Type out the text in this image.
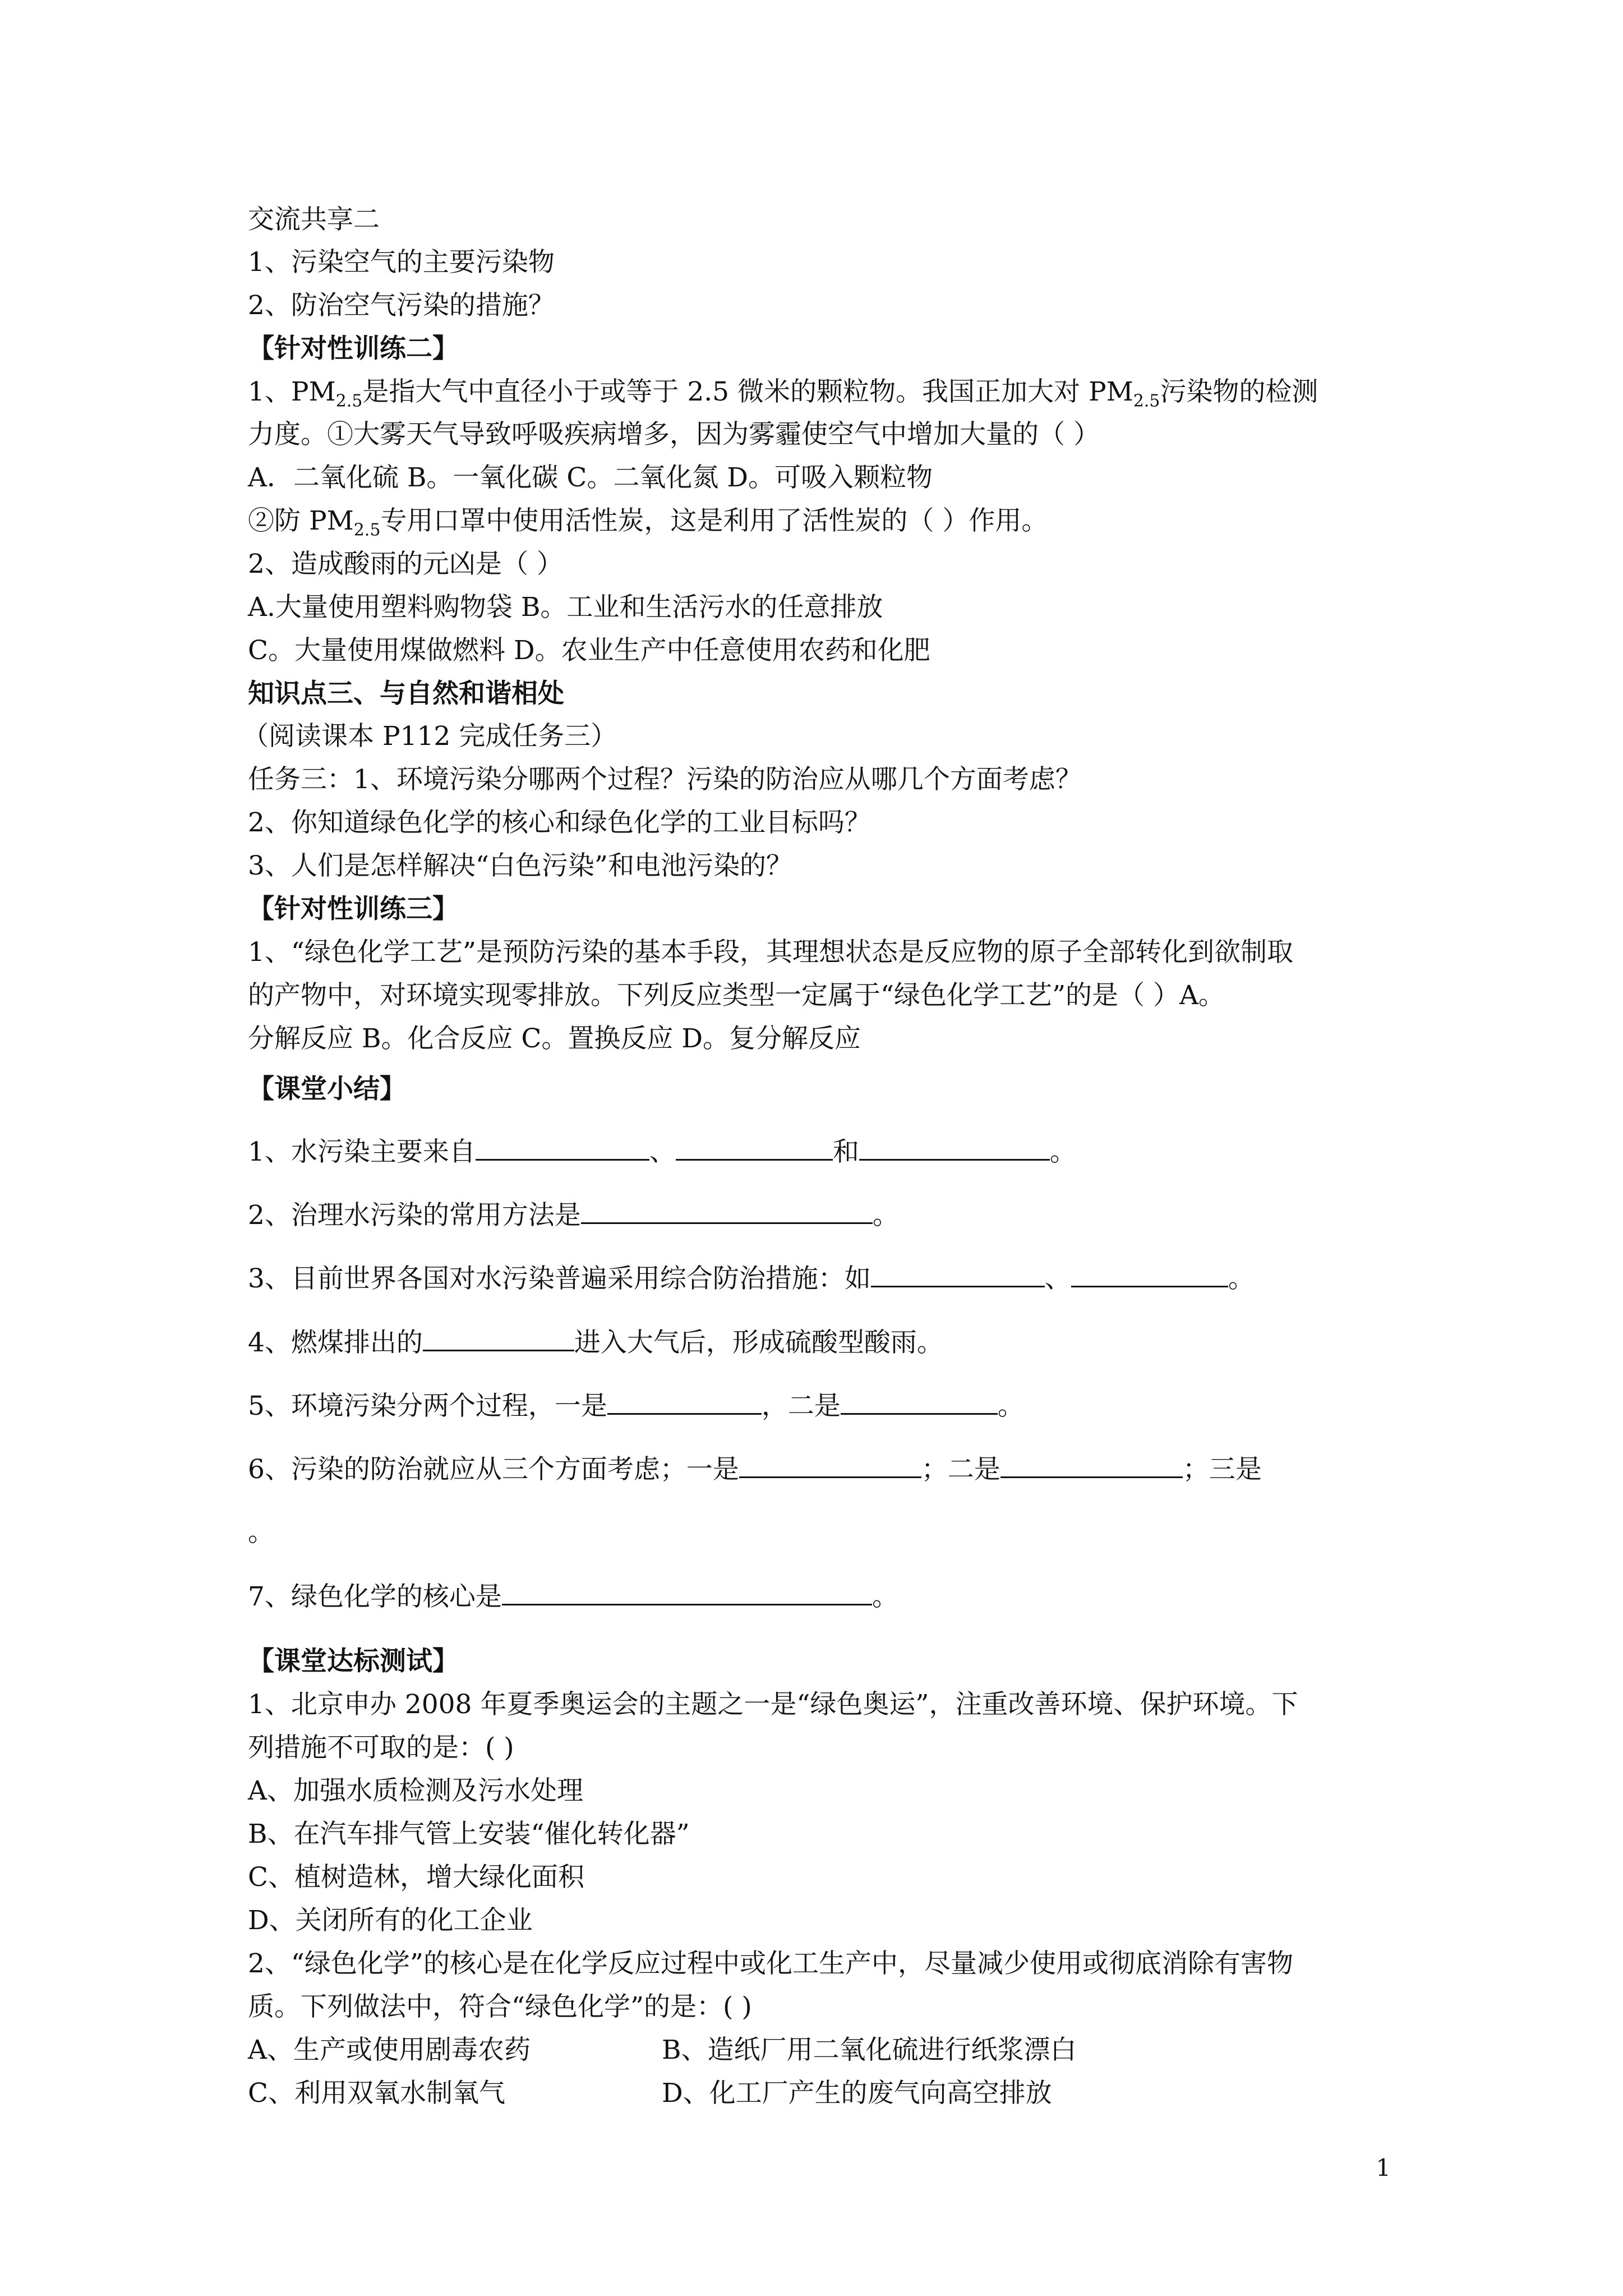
交流共享二
1、污染空气的主要污染物
2、防治空气污染的措施？
【针对性训练二】
1、$PM_{2.5}$是指大气中直径小于或等于 2.5 微米的颗粒物。我国正加大对 $PM_{2.5}$污染物的检测
力度。①大雾天气导致呼吸疾病增多，因为雾霾使空气中增加大量的（ ）
A．二氧化硫 B。一氧化碳 C。二氧化氮 D。可吸入颗粒物
②防 $PM_{2.5}$专用口罩中使用活性炭，这是利用了活性炭的（ ）作用。
2、造成酸雨的元凶是（ ）
A.大量使用塑料购物袋 B。工业和生活污水的任意排放
C。大量使用煤做燃料 D。农业生产中任意使用农药和化肥
知识点三、与自然和谐相处
（阅读课本 P112 完成任务三）
任务三：1、环境污染分哪两个过程？污染的防治应从哪几个方面考虑？
2、你知道绿色化学的核心和绿色化学的工业目标吗？
3、人们是怎样解决“白色污染”和电池污染的？
【针对性训练三】
1、“绿色化学工艺”是预防污染的基本手段，其理想状态是反应物的原子全部转化到欲制取
的产物中，对环境实现零排放。下列反应类型一定属于“绿色化学工艺”的是（ ）A。
分解反应 B。化合反应 C。置换反应 D。复分解反应
【课堂小结】
1、水污染主要来自	、	和	。
2、治理水污染的常用方法是	。
3、目前世界各国对水污染普遍采用综合防治措施：如	、	。
4、燃煤排出的	进入大气后，形成硫酸型酸雨。
5、环境污染分两个过程，一是	，二是	。
6、污染的防治就应从三个方面考虑；一是	；二是	；三是
。
7、绿色化学的核心是	。
【课堂达标测试】
1、北京申办 2008 年夏季奥运会的主题之一是“绿色奥运”，注重改善环境、保护环境。下
列措施不可取的是：( )
A、加强水质检测及污水处理
B、在汽车排气管上安装“催化转化器”
C、植树造林，增大绿化面积
D、关闭所有的化工企业
2、“绿色化学”的核心是在化学反应过程中或化工生产中，尽量减少使用或彻底消除有害物
质。下列做法中，符合“绿色化学”的是：( )
A、生产或使用剧毒农药	B、造纸厂用二氧化硫进行纸浆漂白
C、利用双氧水制氧气	D、化工厂产生的废气向高空排放
1
